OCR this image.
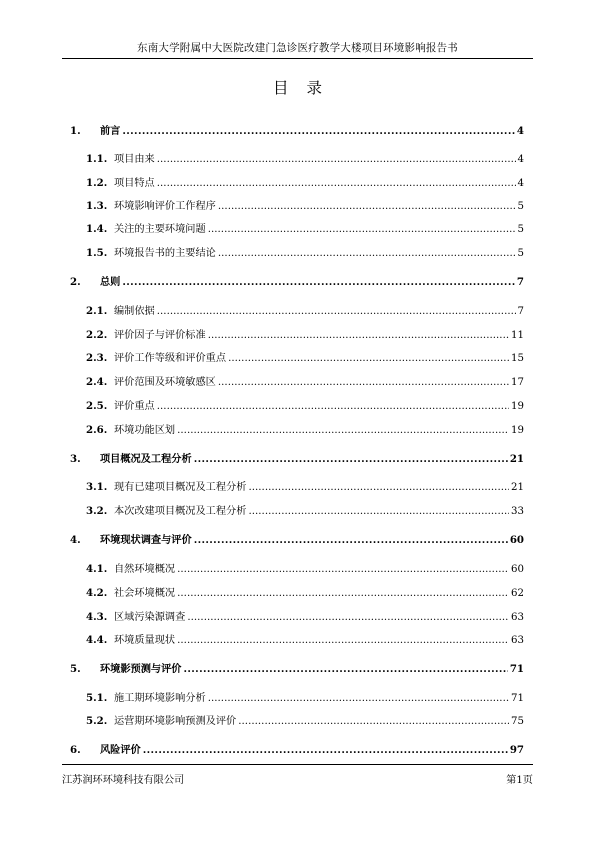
东南大学附属中大医院改建门急诊医疗教学大楼项目环境影响报告书
目录
1.	前言 . . .	4
1.1. 项目由来 . . .	4
1.2. 项目特点 . . .	4
1.3. 环境影响评价工作程序 . . .	5
1.4. 关注的主要环境问题 . . .	5
1.5. 环境报告书的主要结论 . . .	5
2.	总则 . . .	7
2.1. 编制依据 . . .	7
2.2. 评价因子与评价标准 . . .	11
2.3. 评价工作等级和评价重点 . . .	15
2.4. 评价范围及环境敏感区 . . .	17
2.5. 评价重点 . . .	19
2.6. 环境功能区划 . . .	19
3.	项目概况及工程分析 . . .	21
3.1. 现有已建项目概况及工程分析 . . .	21
3.2. 本次改建项目概况及工程分析 . . .	33
4.	环境现状调查与评价 . . .	60
4.1. 自然环境概况 . . .	60
4.2. 社会环境概况 . . .	62
4.3. 区域污染源调查 . . .	63
4.4. 环境质量现状 . . .	63
5.	环境影预测与评价 . . .	71
5.1. 施工期环境影响分析 . . .	71
5.2. 运营期环境影响预测及评价 . . .	75
6.	风险评价 . . .	97
江苏润环环境科技有限公司	第1页
